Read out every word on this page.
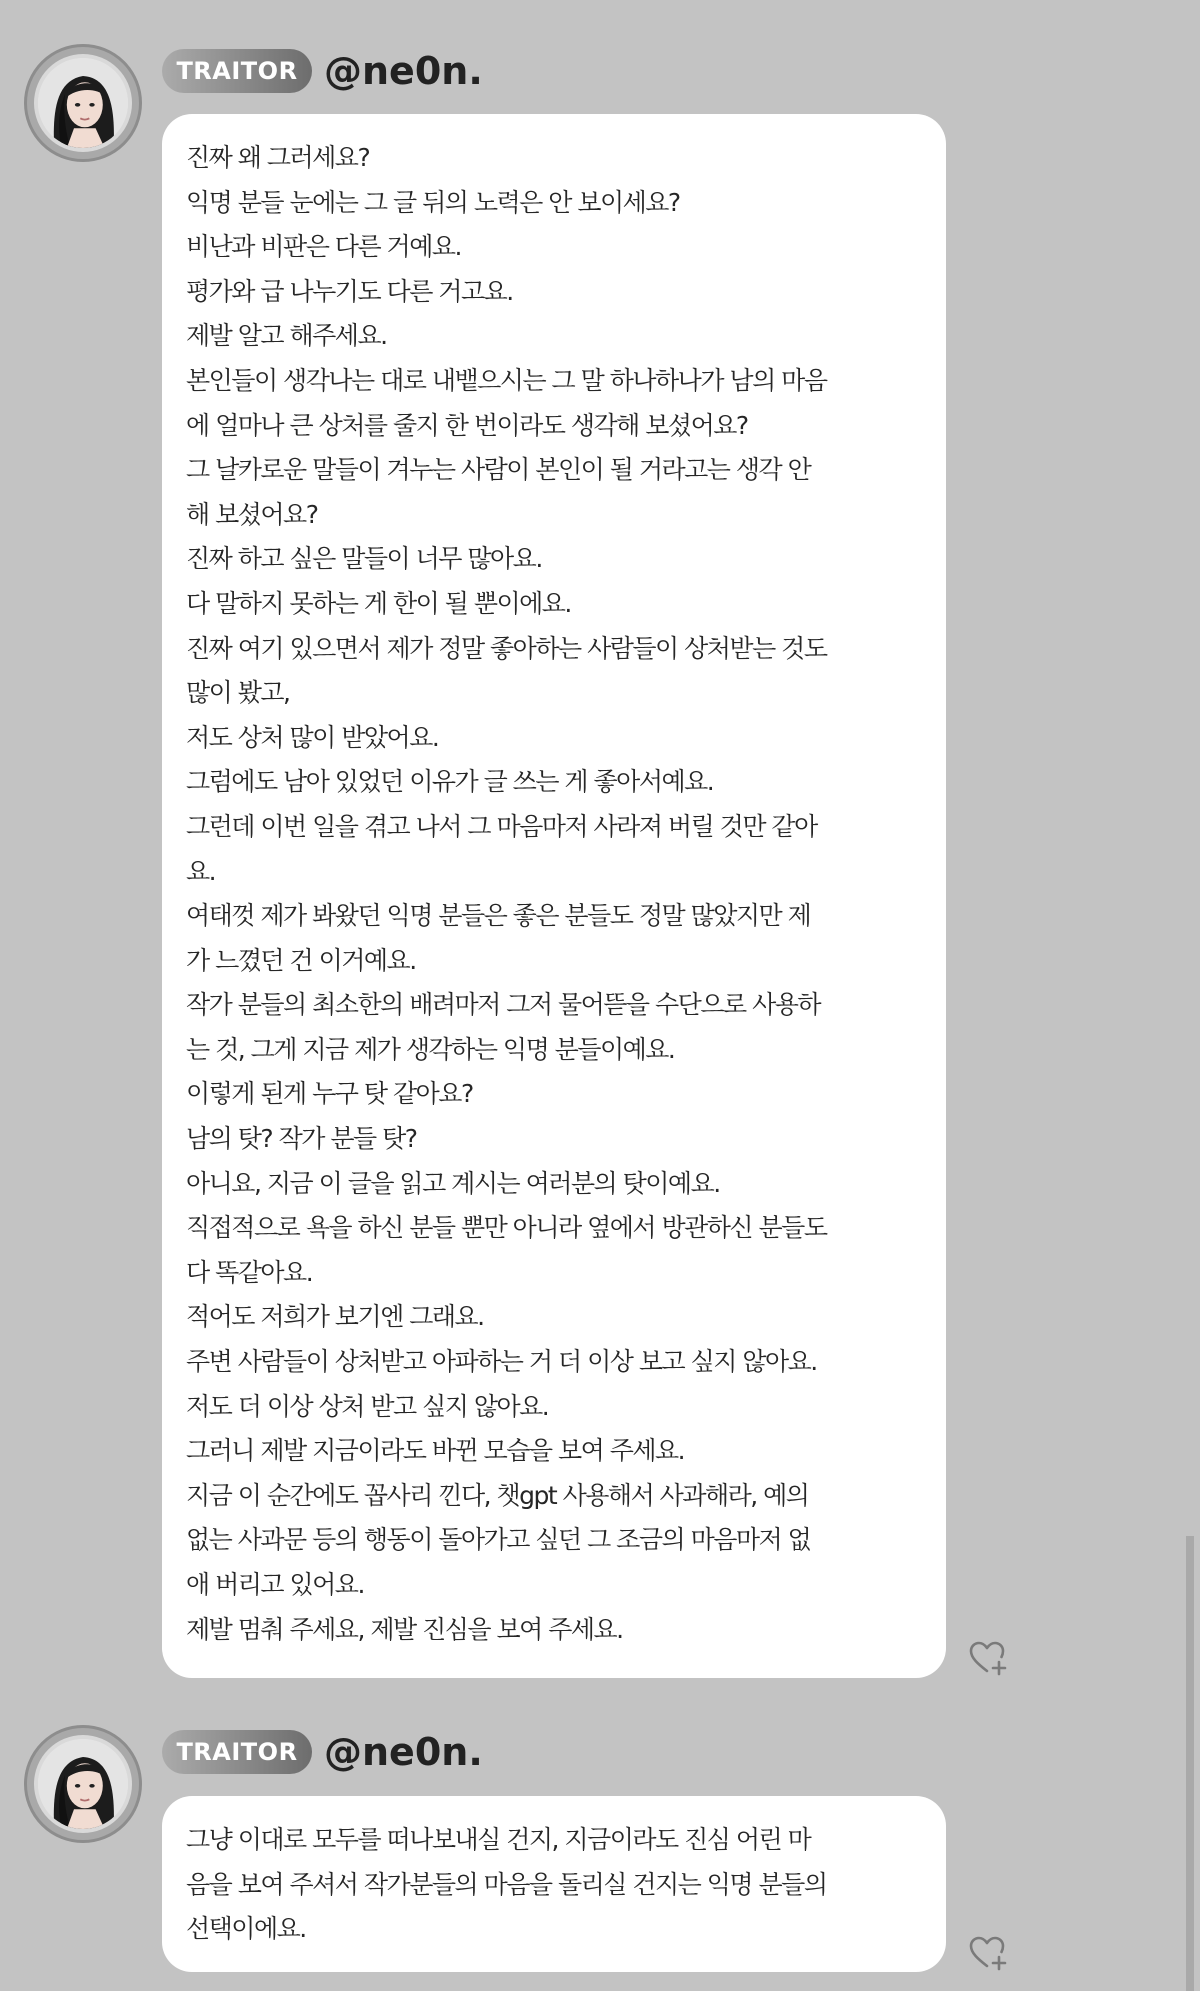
TRAITOR @ne0n.
진짜 왜 그러세요?
익명 분들 눈에는 그 글 뒤의 노력은 안 보이세요?
비난과 비판은 다른 거예요.
평가와 급 나누기도 다른 거고요.
제발 알고 해주세요.
본인들이 생각나는 대로 내뱉으시는 그 말 하나하나가 남의 마음
에 얼마나 큰 상처를 줄지 한 번이라도 생각해 보셨어요?
그 날카로운 말들이 겨누는 사람이 본인이 될 거라고는 생각 안
해 보셨어요?
진짜 하고 싶은 말들이 너무 많아요.
다 말하지 못하는 게 한이 될 뿐이에요.
진짜 여기 있으면서 제가 정말 좋아하는 사람들이 상처받는 것도
많이 봤고,
저도 상처 많이 받았어요.
그럼에도 남아 있었던 이유가 글 쓰는 게 좋아서예요.
그런데 이번 일을 겪고 나서 그 마음마저 사라져 버릴 것만 같아
요.
여태껏 제가 봐왔던 익명 분들은 좋은 분들도 정말 많았지만 제
가 느꼈던 건 이거예요.
작가 분들의 최소한의 배려마저 그저 물어뜯을 수단으로 사용하
는 것, 그게 지금 제가 생각하는 익명 분들이예요.
이렇게 된게 누구 탓 같아요?
남의 탓? 작가 분들 탓?
아니요, 지금 이 글을 읽고 계시는 여러분의 탓이예요.
직접적으로 욕을 하신 분들 뿐만 아니라 옆에서 방관하신 분들도
다 똑같아요.
적어도 저희가 보기엔 그래요.
주변 사람들이 상처받고 아파하는 거 더 이상 보고 싶지 않아요.
저도 더 이상 상처 받고 싶지 않아요.
그러니 제발 지금이라도 바뀐 모습을 보여 주세요.
지금 이 순간에도 꼽사리 낀다, 챗gpt 사용해서 사과해라, 예의
없는 사과문 등의 행동이 돌아가고 싶던 그 조금의 마음마저 없
애 버리고 있어요.
제발 멈춰 주세요, 제발 진심을 보여 주세요.
TRAITOR @ne0n.
그냥 이대로 모두를 떠나보내실 건지, 지금이라도 진심 어린 마
음을 보여 주셔서 작가분들의 마음을 돌리실 건지는 익명 분들의
선택이에요.
